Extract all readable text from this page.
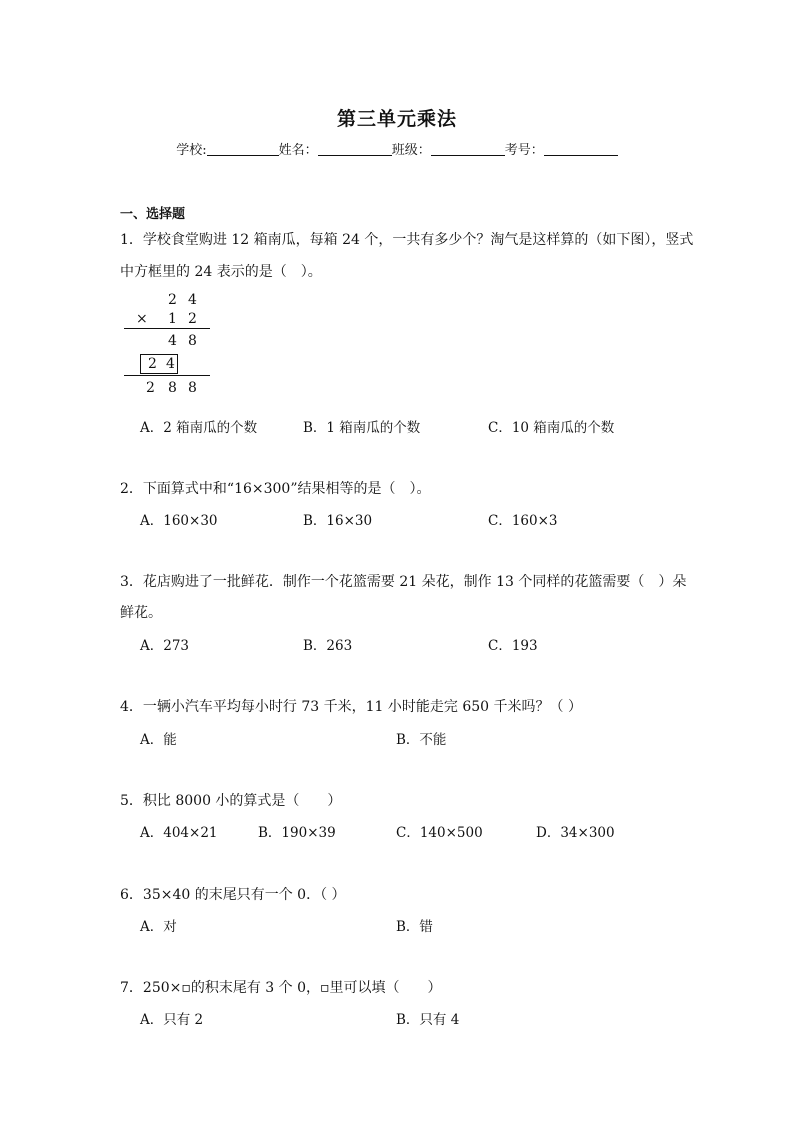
第三单元乘法
学校:	姓名：	班级：	考号：
一、选择题
1．学校食堂购进 12 箱南瓜，每箱 24 个，一共有多少个？淘气是这样算的（如下图），竖式
中方框里的 24 表示的是（　）。
2 4
× 1 2
4 8
2 4
2 8 8
A．2 箱南瓜的个数	B．1 箱南瓜的个数	C．10 箱南瓜的个数
2．下面算式中和“16×300”结果相等的是（　）。
A．160×30	B．16×30	C．160×3
3．花店购进了一批鲜花．制作一个花篮需要 21 朵花，制作 13 个同样的花篮需要（　）朵
鲜花。
A．273	B．263	C．193
4．一辆小汽车平均每小时行 73 千米，11 小时能走完 650 千米吗？（ ）
A．能	B．不能
5．积比 8000 小的算式是（　　）
A．404×21	B．190×39	C．140×500	D．34×300
6．35×40 的末尾只有一个 0．（ ）
A．对	B．错
7．250×▫的积末尾有 3 个 0，▫里可以填（　　）
A．只有 2	B．只有 4
